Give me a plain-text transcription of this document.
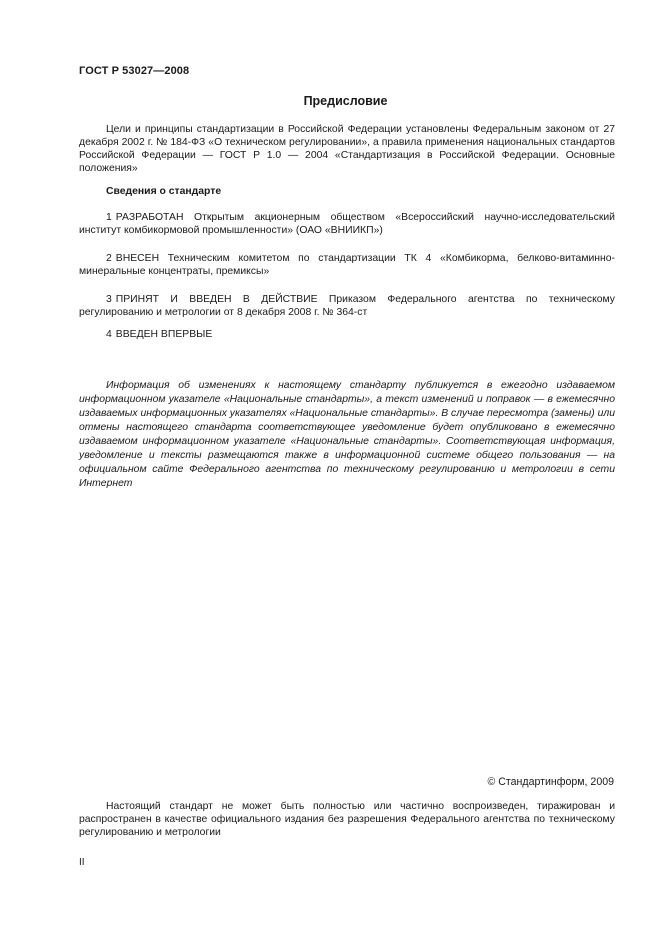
ГОСТ Р 53027—2008
Предисловие

Цели и принципы стандартизации в Российской Федерации установлены Федеральным законом от 27 декабря 2002 г. № 184-ФЗ «О техническом регулировании», а правила применения национальных стандартов Российской Федерации — ГОСТ Р 1.0 — 2004 «Стандартизация в Российской Федерации. Основные положения»

Сведения о стандарте

1 РАЗРАБОТАН Открытым акционерным обществом «Всероссийский научно-исследовательский институт комбикормовой промышленности» (ОАО «ВНИИКП»)

2 ВНЕСЕН Техническим комитетом по стандартизации ТК 4 «Комбикорма, белково-витаминно-минеральные концентраты, премиксы»

3 ПРИНЯТ И ВВЕДЕН В ДЕЙСТВИЕ Приказом Федерального агентства по техническому регулированию и метрологии от 8 декабря 2008 г. № 364-ст

4 ВВЕДЕН ВПЕРВЫЕ

Информация об изменениях к настоящему стандарту публикуется в ежегодно издаваемом информационном указателе «Национальные стандарты», а текст изменений и поправок — в ежемесячно издаваемых информационных указателях «Национальные стандарты». В случае пересмотра (замены) или отмены настоящего стандарта соответствующее уведомление будет опубликовано в ежемесячно издаваемом информационном указателе «Национальные стандарты». Соответствующая информация, уведомление и тексты размещаются также в информационной системе общего пользования — на официальном сайте Федерального агентства по техническому регулированию и метрологии в сети Интернет

© Стандартинформ, 2009

Настоящий стандарт не может быть полностью или частично воспроизведен, тиражирован и распространен в качестве официального издания без разрешения Федерального агентства по техническому регулированию и метрологии

II
